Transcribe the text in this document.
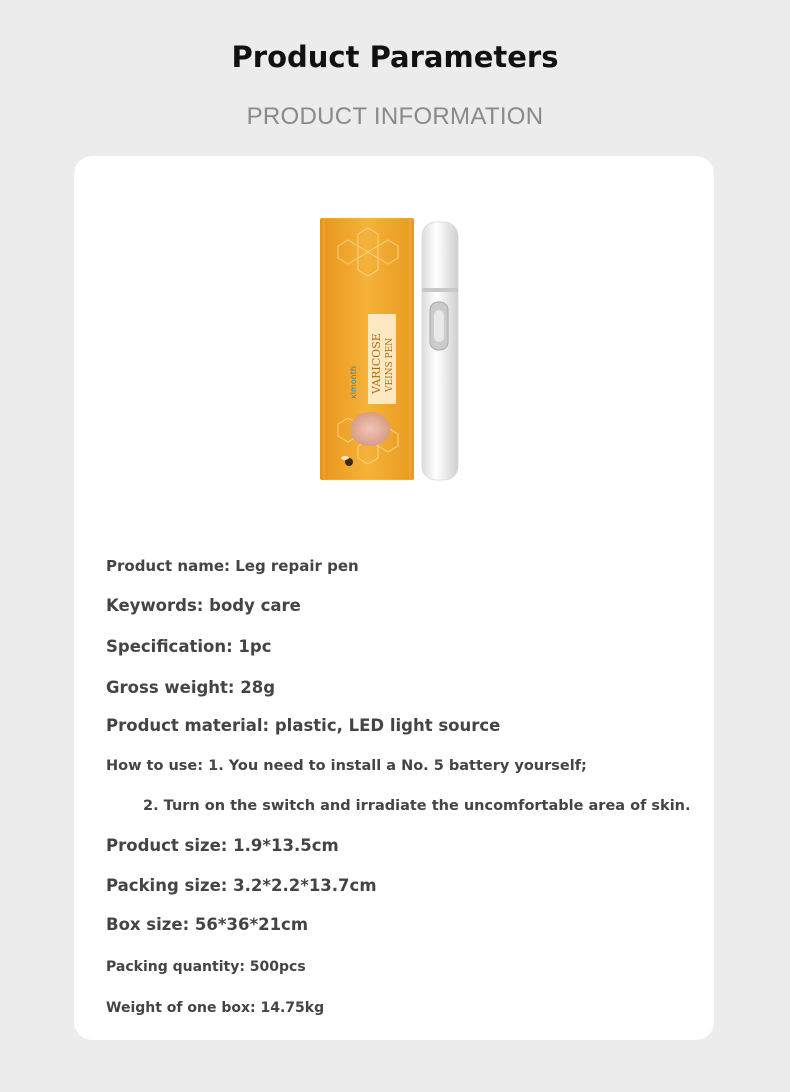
Product Parameters
PRODUCT INFORMATION
VARICOSE VEINS PEN
ximonth
Product name: Leg repair pen
Keywords: body care
Specification: 1pc
Gross weight: 28g
Product material: plastic, LED light source
How to use: 1. You need to install a No. 5 battery yourself;
2. Turn on the switch and irradiate the uncomfortable area of skin.
Product size: 1.9*13.5cm
Packing size: 3.2*2.2*13.7cm
Box size: 56*36*21cm
Packing quantity: 500pcs
Weight of one box: 14.75kg
